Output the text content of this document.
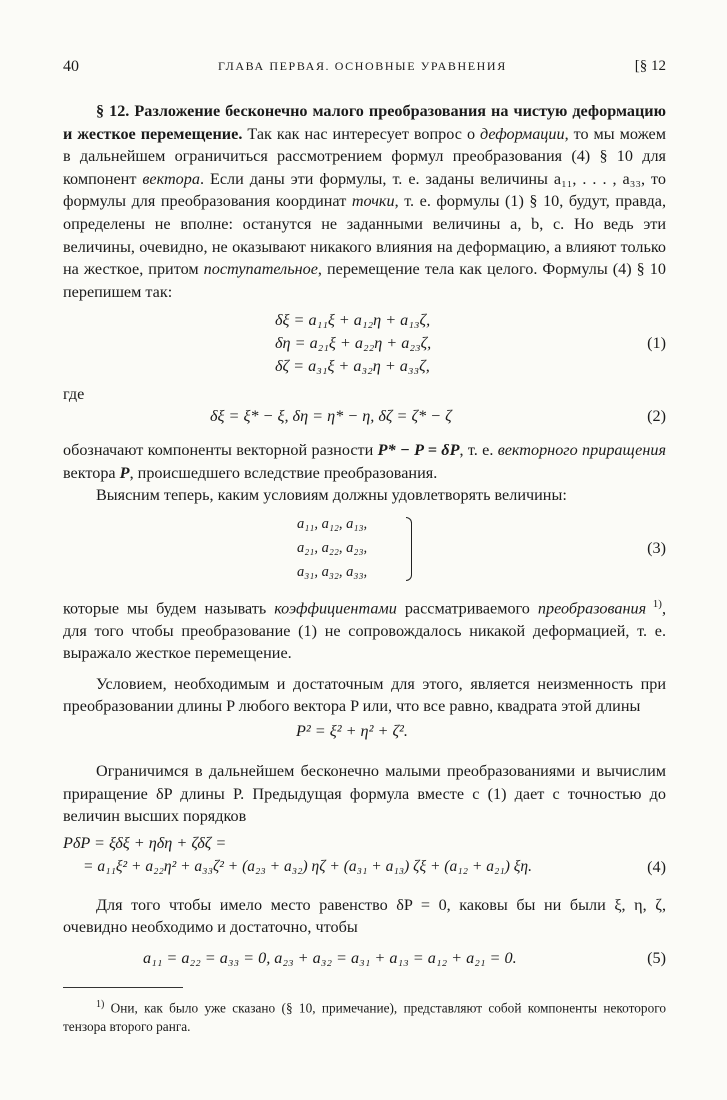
40	ГЛАВА ПЕРВАЯ. ОСНОВНЫЕ УРАВНЕНИЯ	[§ 12

§ 12. Разложение бесконечно малого преобразования на чистую деформацию и жесткое перемещение. Так как нас интересует вопрос о деформации, то мы можем в дальнейшем ограничиться рассмотрением формул преобразования (4) § 10 для компонент вектора. Если даны эти формулы, т. е. заданы величины a₁₁, . . . , a₃₃, то формулы для преобразования координат точки, т. е. формулы (1) § 10, будут, правда, определены не вполне: останутся не заданными величины a, b, c. Но ведь эти величины, очевидно, не оказывают никакого влияния на деформацию, а влияют только на жесткое, притом поступательное, перемещение тела как целого. Формулы (4) § 10 перепишем так:

δξ = a₁₁ξ + a₁₂η + a₁₃ζ,
δη = a₂₁ξ + a₂₂η + a₂₃ζ,
δζ = a₃₁ξ + a₃₂η + a₃₃ζ,
(1)

где

δξ = ξ* − ξ, δη = η* − η, δζ = ζ* − ζ	(2)

обозначают компоненты векторной разности P* − P = δP, т. е. векторного приращения вектора P, происшедшего вследствие преобразования.

Выясним теперь, каким условиям должны удовлетворять величины:

a₁₁, a₁₂, a₁₃,
a₂₁, a₂₂, a₂₃,
a₃₁, a₃₂, a₃₃,
(3)

которые мы будем называть коэффициентами рассматриваемого преобразования $^{1)}$, для того чтобы преобразование (1) не сопровождалось никакой деформацией, т. е. выражало жесткое перемещение.

Условием, необходимым и достаточным для этого, является неизменность при преобразовании длины P любого вектора P или, что все равно, квадрата этой длины

P² = ξ² + η² + ζ².

Ограничимся в дальнейшем бесконечно малыми преобразованиями и вычислим приращение δP длины P. Предыдущая формула вместе с (1) дает с точностью до величин высших порядков

PδP = ξδξ + ηδη + ζδζ =
= a₁₁ξ² + a₂₂η² + a₃₃ζ² + (a₂₃ + a₃₂) ηζ + (a₃₁ + a₁₃) ζξ + (a₁₂ + a₂₁) ξη.	(4)

Для того чтобы имело место равенство δP = 0, каковы бы ни были ξ, η, ζ, очевидно необходимо и достаточно, чтобы

a₁₁ = a₂₂ = a₃₃ = 0, a₂₃ + a₃₂ = a₃₁ + a₁₃ = a₁₂ + a₂₁ = 0.	(5)

$^{1)}$ Они, как было уже сказано (§ 10, примечание), представляют собой компоненты некоторого тензора второго ранга.
